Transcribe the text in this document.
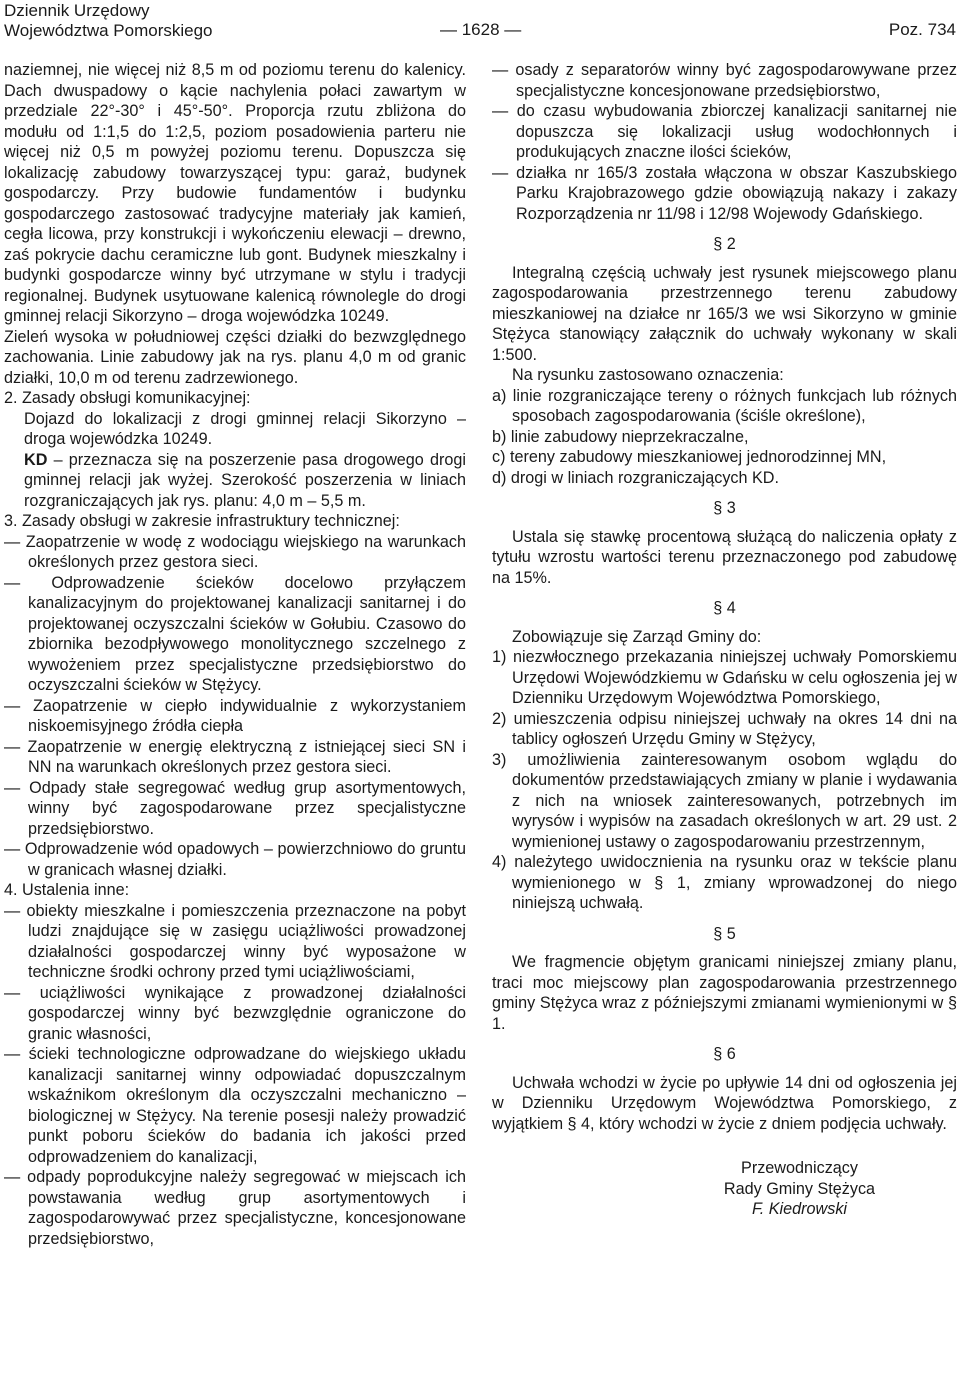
Dziennik Urzędowy
Województwa Pomorskiego	— 1628 —	Poz. 734

naziemnej, nie więcej niż 8,5 m od poziomu terenu do kalenicy. Dach dwuspadowy o kącie nachylenia połaci zawartym w przedziale 22°-30° i 45°-50°. Proporcja rzutu zbliżona do modułu od 1:1,5 do 1:2,5, poziom posadowienia parteru nie więcej niż 0,5 m powyżej poziomu terenu. Dopuszcza się lokalizację zabudowy towarzyszącej typu: garaż, budynek gospodarczy. Przy budowie fundamentów i budynku gospodarczego zastosować tradycyjne materiały jak kamień, cegła licowa, przy konstrukcji i wykończeniu elewacji – drewno, zaś pokrycie dachu ceramiczne lub gont. Budynek mieszkalny i budynki gospodarcze winny być utrzymane w stylu i tradycji regionalnej. Budynek usytuowane kalenicą równolegle do drogi gminnej relacji Sikorzyno – droga wojewódzka 10249.

Zieleń wysoka w południowej części działki do bezwzględnego zachowania. Linie zabudowy jak na rys. planu 4,0 m od granic działki, 10,0 m od terenu zadrzewionego.

2. Zasady obsługi komunikacyjnej:

Dojazd do lokalizacji z drogi gminnej relacji Sikorzyno – droga wojewódzka 10249.

KD – przeznacza się na poszerzenie pasa drogowego drogi gminnej relacji jak wyżej. Szerokość poszerzenia w liniach rozgraniczających jak rys. planu: 4,0 m – 5,5 m.

3. Zasady obsługi w zakresie infrastruktury technicznej:

— Zaopatrzenie w wodę z wodociągu wiejskiego na warunkach określonych przez gestora sieci.

— Odprowadzenie ścieków docelowo przyłączem kanalizacyjnym do projektowanej kanalizacji sanitarnej i do projektowanej oczyszczalni ścieków w Gołubiu. Czasowo do zbiornika bezodpływowego monolitycznego szczelnego z wywożeniem przez specjalistyczne przedsiębiorstwo do oczyszczalni ścieków w Stężycy.

— Zaopatrzenie w ciepło indywidualnie z wykorzystaniem niskoemisyjnego źródła ciepła

— Zaopatrzenie w energię elektryczną z istniejącej sieci SN i NN na warunkach określonych przez gestora sieci.

— Odpady stałe segregować według grup asortymentowych, winny być zagospodarowane przez specjalistyczne przedsiębiorstwo.

— Odprowadzenie wód opadowych – powierzchniowo do gruntu w granicach własnej działki.

4. Ustalenia inne:

— obiekty mieszkalne i pomieszczenia przeznaczone na pobyt ludzi znajdujące się w zasięgu uciążliwości prowadzonej działalności gospodarczej winny być wyposażone w techniczne środki ochrony przed tymi uciążliwościami,

— uciążliwości wynikające z prowadzonej działalności gospodarczej winny być bezwzględnie ograniczone do granic własności,

— ścieki technologiczne odprowadzane do wiejskiego układu kanalizacji sanitarnej winny odpowiadać dopuszczalnym wskaźnikom określonym dla oczyszczalni mechaniczno – biologicznej w Stężycy. Na terenie posesji należy prowadzić punkt poboru ścieków do badania ich jakości przed odprowadzeniem do kanalizacji,

— odpady poprodukcyjne należy segregować w miejscach ich powstawania według grup asortymentowych i zagospodarowywać przez specjalistyczne, koncesjonowane przedsiębiorstwo,

— osady z separatorów winny być zagospodarowywane przez specjalistyczne koncesjonowane przedsiębiorstwo,

— do czasu wybudowania zbiorczej kanalizacji sanitarnej nie dopuszcza się lokalizacji usług wodochłonnych i produkujących znaczne ilości ścieków,

— działka nr 165/3 została włączona w obszar Kaszubskiego Parku Krajobrazowego gdzie obowiązują nakazy i zakazy Rozporządzenia nr 11/98 i 12/98 Wojewody Gdańskiego.

§ 2

Integralną częścią uchwały jest rysunek miejscowego planu zagospodarowania przestrzennego terenu zabudowy mieszkaniowej na działce nr 165/3 we wsi Sikorzyno w gminie Stężyca stanowiący załącznik do uchwały wykonany w skali 1:500.

Na rysunku zastosowano oznaczenia:

a) linie rozgraniczające tereny o różnych funkcjach lub różnych sposobach zagospodarowania (ściśle określone),

b) linie zabudowy nieprzekraczalne,

c) tereny zabudowy mieszkaniowej jednorodzinnej MN,

d) drogi w liniach rozgraniczających KD.

§ 3

Ustala się stawkę procentową służącą do naliczenia opłaty z tytułu wzrostu wartości terenu przeznaczonego pod zabudowę na 15%.

§ 4

Zobowiązuje się Zarząd Gminy do:

1) niezwłocznego przekazania niniejszej uchwały Pomorskiemu Urzędowi Wojewódzkiemu w Gdańsku w celu ogłoszenia jej w Dzienniku Urzędowym Województwa Pomorskiego,

2) umieszczenia odpisu niniejszej uchwały na okres 14 dni na tablicy ogłoszeń Urzędu Gminy w Stężycy,

3) umożliwienia zainteresowanym osobom wglądu do dokumentów przedstawiających zmiany w planie i wydawania z nich na wniosek zainteresowanych, potrzebnych im wyrysów i wypisów na zasadach określonych w art. 29 ust. 2 wymienionej ustawy o zagospodarowaniu przestrzennym,

4) należytego uwidocznienia na rysunku oraz w tekście planu wymienionego w § 1, zmiany wprowadzonej do niego niniejszą uchwałą.

§ 5

We fragmencie objętym granicami niniejszej zmiany planu, traci moc miejscowy plan zagospodarowania przestrzennego gminy Stężyca wraz z późniejszymi zmianami wymienionymi w § 1.

§ 6

Uchwała wchodzi w życie po upływie 14 dni od ogłoszenia jej w Dzienniku Urzędowym Województwa Pomorskiego, z wyjątkiem § 4, który wchodzi w życie z dniem podjęcia uchwały.

Przewodniczący
Rady Gminy Stężyca
F. Kiedrowski
